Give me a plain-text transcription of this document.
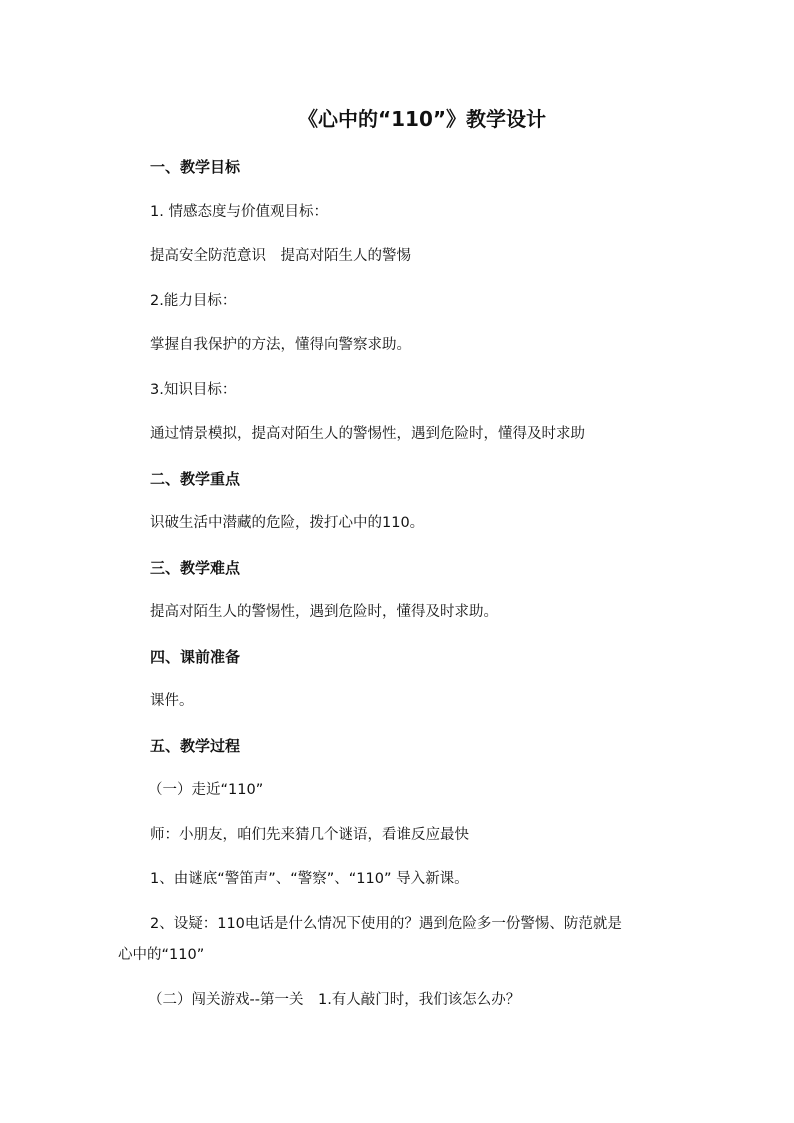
《心中的“110”》教学设计
一、教学目标
1. 情感态度与价值观目标：
提高安全防范意识　提高对陌生人的警惕
2.能力目标：
掌握自我保护的方法，懂得向警察求助。
3.知识目标：
通过情景模拟，提高对陌生人的警惕性，遇到危险时，懂得及时求助
二、教学重点
识破生活中潜藏的危险，拨打心中的110。
三、教学难点
提高对陌生人的警惕性，遇到危险时，懂得及时求助。
四、课前准备
课件。
五、教学过程
（一）走近“110”
师：小朋友，咱们先来猜几个谜语，看谁反应最快
1、由谜底“警笛声”、“警察”、“110” 导入新课。
2、设疑：110电话是什么情况下使用的？遇到危险多一份警惕、防范就是
心中的“110”
（二）闯关游戏--第一关　1.有人敲门时，我们该怎么办？
